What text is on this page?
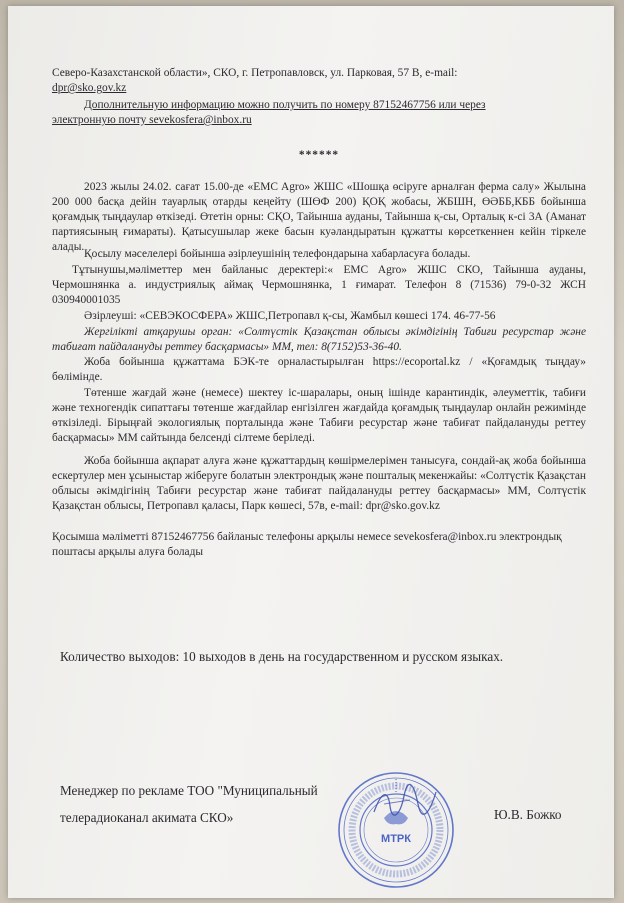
Северо-Казахстанской области», СКО, г. Петропавловск, ул. Парковая, 57 В, e-mail:
dpr@sko.gov.kz
Дополнительную информацию можно получить по номеру 87152467756 или через
электронную почту sevekosfera@inbox.ru
******
2023 жылы 24.02. сағат 15.00-де «EMC Agro» ЖШС «Шошқа өсіруге арналған ферма салу» Жылына 200 000 басқа дейін тауарлық отарды кеңейту (ШӨФ 200) ҚОҚ жобасы, ЖБШН, ӨӘББ,КББ бойынша қоғамдық тыңдаулар өткізеді. Өтетін орны: СҚО, Тайынша ауданы, Тайынша қ-сы, Орталық к-сі 3А (Аманат партиясының ғимараты). Қатысушылар жеке басын куәландыратын құжатты көрсеткеннен кейін тіркеле алады.
Қосылу мәселелері бойынша әзірлеушінің телефондарына хабарласуға болады.
Тұтынушы,мәліметтер мен байланыс деректері:« EMC Agro» ЖШС СКО, Тайынша ауданы, Чермошнянка а. индустриялық аймақ Чермошнянка, 1 ғимарат. Телефон 8 (71536) 79-0-32 ЖСН 030940001035
Әзірлеуші: «СЕВЭКОСФЕРА» ЖШС,Петропавл қ-сы, Жамбыл көшесі 174. 46-77-56
Жергілікті атқарушы орган: «Солтүстік Қазақстан облысы әкімдігінің Табиғи ресурстар және табиғат пайдалануды реттеу басқармасы» ММ, тел: 8(7152)53-36-40.
Жоба бойынша құжаттама БЭК-те орналастырылған https://ecoportal.kz / «Қоғамдық тыңдау» бөлімінде.
Төтенше жағдай және (немесе) шектеу іс-шаралары, оның ішінде карантиндік, әлеуметтік, табиғи және техногендік сипаттағы төтенше жағдайлар енгізілген жағдайда қоғамдық тыңдаулар онлайн режимінде өткізіледі. Бірыңғай экологиялық порталында және Табиғи ресурстар және табиғат пайдалануды реттеу басқармасы» ММ сайтында белсенді сілтеме беріледі.
Жоба бойынша ақпарат алуға және құжаттардың көшірмелерімен танысуға, сондай-ақ жоба бойынша ескертулер мен ұсыныстар жіберуге болатын электрондық және пошталық мекенжайы: «Солтүстік Қазақстан облысы әкімдігінің Табиғи ресурстар және табиғат пайдалануды реттеу басқармасы» ММ, Солтүстік Қазақстан облысы, Петропавл қаласы, Парк көшесі, 57в, e-mail: dpr@sko.gov.kz
Қосымша мәліметті 87152467756 байланыс телефоны арқылы немесе sevekosfera@inbox.ru электрондық поштасы арқылы алуға болады
Количество выходов: 10 выходов в день на государственном и русском языках.
Менеджер по рекламе ТОО "Муниципальный
телерадиоканал акимата СКО»	Ю.В. Божко
МТРК
